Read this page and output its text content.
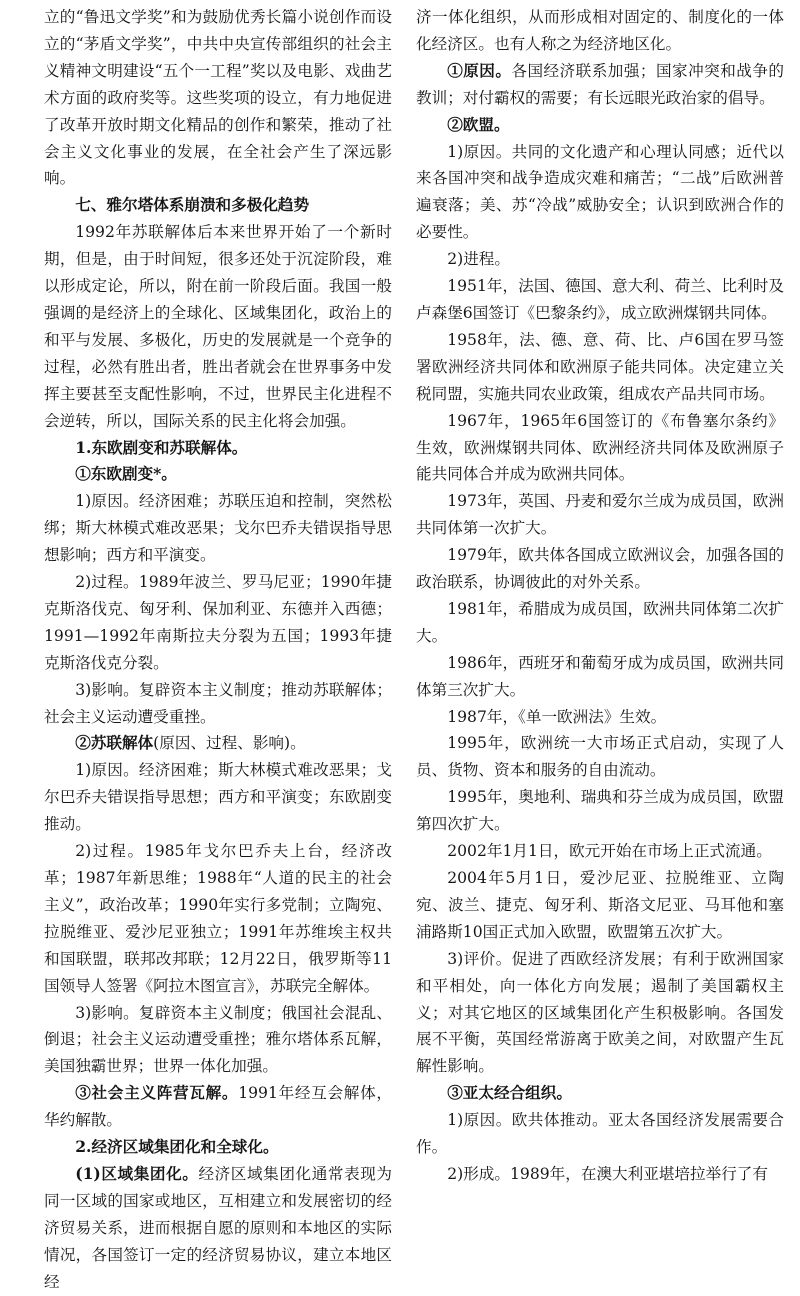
立的“鲁迅文学奖”和为鼓励优秀长篇小说创作而设立的“茅盾文学奖”，中共中央宣传部组织的社会主义精神文明建设“五个一工程”奖以及电影、戏曲艺术方面的政府奖等。这些奖项的设立，有力地促进了改革开放时期文化精品的创作和繁荣，推动了社会主义文化事业的发展，在全社会产生了深远影响。

七、雅尔塔体系崩溃和多极化趋势

1992年苏联解体后本来世界开始了一个新时期，但是，由于时间短，很多还处于沉淀阶段，难以形成定论，所以，附在前一阶段后面。我国一般强调的是经济上的全球化、区域集团化，政治上的和平与发展、多极化，历史的发展就是一个竞争的过程，必然有胜出者，胜出者就会在世界事务中发挥主要甚至支配性影响，不过，世界民主化进程不会逆转，所以，国际关系的民主化将会加强。

1.东欧剧变和苏联解体。

①东欧剧变*。

1)原因。经济困难；苏联压迫和控制，突然松绑；斯大林模式难改恶果；戈尔巴乔夫错误指导思想影响；西方和平演变。

2)过程。1989年波兰、罗马尼亚；1990年捷克斯洛伐克、匈牙利、保加利亚、东德并入西德；1991—1992年南斯拉夫分裂为五国；1993年捷克斯洛伐克分裂。

3)影响。复辟资本主义制度；推动苏联解体；社会主义运动遭受重挫。

②苏联解体(原因、过程、影响)。

1)原因。经济困难；斯大林模式难改恶果；戈尔巴乔夫错误指导思想；西方和平演变；东欧剧变推动。

2)过程。1985年戈尔巴乔夫上台，经济改革；1987年新思维；1988年“人道的民主的社会主义”，政治改革；1990年实行多党制；立陶宛、拉脱维亚、爱沙尼亚独立；1991年苏维埃主权共和国联盟，联邦改邦联；12月22日，俄罗斯等11国领导人签署《阿拉木图宣言》，苏联完全解体。

3)影响。复辟资本主义制度；俄国社会混乱、倒退；社会主义运动遭受重挫；雅尔塔体系瓦解，美国独霸世界；世界一体化加强。

③社会主义阵营瓦解。1991年经互会解体，华约解散。

2.经济区域集团化和全球化。

(1)区域集团化。经济区域集团化通常表现为同一区域的国家或地区，互相建立和发展密切的经济贸易关系，进而根据自愿的原则和本地区的实际情况，各国签订一定的经济贸易协议，建立本地区经

济一体化组织，从而形成相对固定的、制度化的一体化经济区。也有人称之为经济地区化。

①原因。各国经济联系加强；国家冲突和战争的教训；对付霸权的需要；有长远眼光政治家的倡导。

②欧盟。

1)原因。共同的文化遗产和心理认同感；近代以来各国冲突和战争造成灾难和痛苦；“二战”后欧洲普遍衰落；美、苏“冷战”威胁安全；认识到欧洲合作的必要性。

2)进程。

1951年，法国、德国、意大利、荷兰、比利时及卢森堡6国签订《巴黎条约》，成立欧洲煤钢共同体。

1958年，法、德、意、荷、比、卢6国在罗马签署欧洲经济共同体和欧洲原子能共同体。决定建立关税同盟，实施共同农业政策，组成农产品共同市场。

1967年，1965年6国签订的《布鲁塞尔条约》生效，欧洲煤钢共同体、欧洲经济共同体及欧洲原子能共同体合并成为欧洲共同体。

1973年，英国、丹麦和爱尔兰成为成员国，欧洲共同体第一次扩大。

1979年，欧共体各国成立欧洲议会，加强各国的政治联系，协调彼此的对外关系。

1981年，希腊成为成员国，欧洲共同体第二次扩大。

1986年，西班牙和葡萄牙成为成员国，欧洲共同体第三次扩大。

1987年，《单一欧洲法》生效。

1995年，欧洲统一大市场正式启动，实现了人员、货物、资本和服务的自由流动。

1995年，奥地利、瑞典和芬兰成为成员国，欧盟第四次扩大。

2002年1月1日，欧元开始在市场上正式流通。

2004年5月1日，爱沙尼亚、拉脱维亚、立陶宛、波兰、捷克、匈牙利、斯洛文尼亚、马耳他和塞浦路斯10国正式加入欧盟，欧盟第五次扩大。

3)评价。促进了西欧经济发展；有利于欧洲国家和平相处，向一体化方向发展；遏制了美国霸权主义；对其它地区的区域集团化产生积极影响。各国发展不平衡，英国经常游离于欧美之间，对欧盟产生瓦解性影响。

③亚太经合组织。

1)原因。欧共体推动。亚太各国经济发展需要合作。

2)形成。1989年，在澳大利亚堪培拉举行了有
